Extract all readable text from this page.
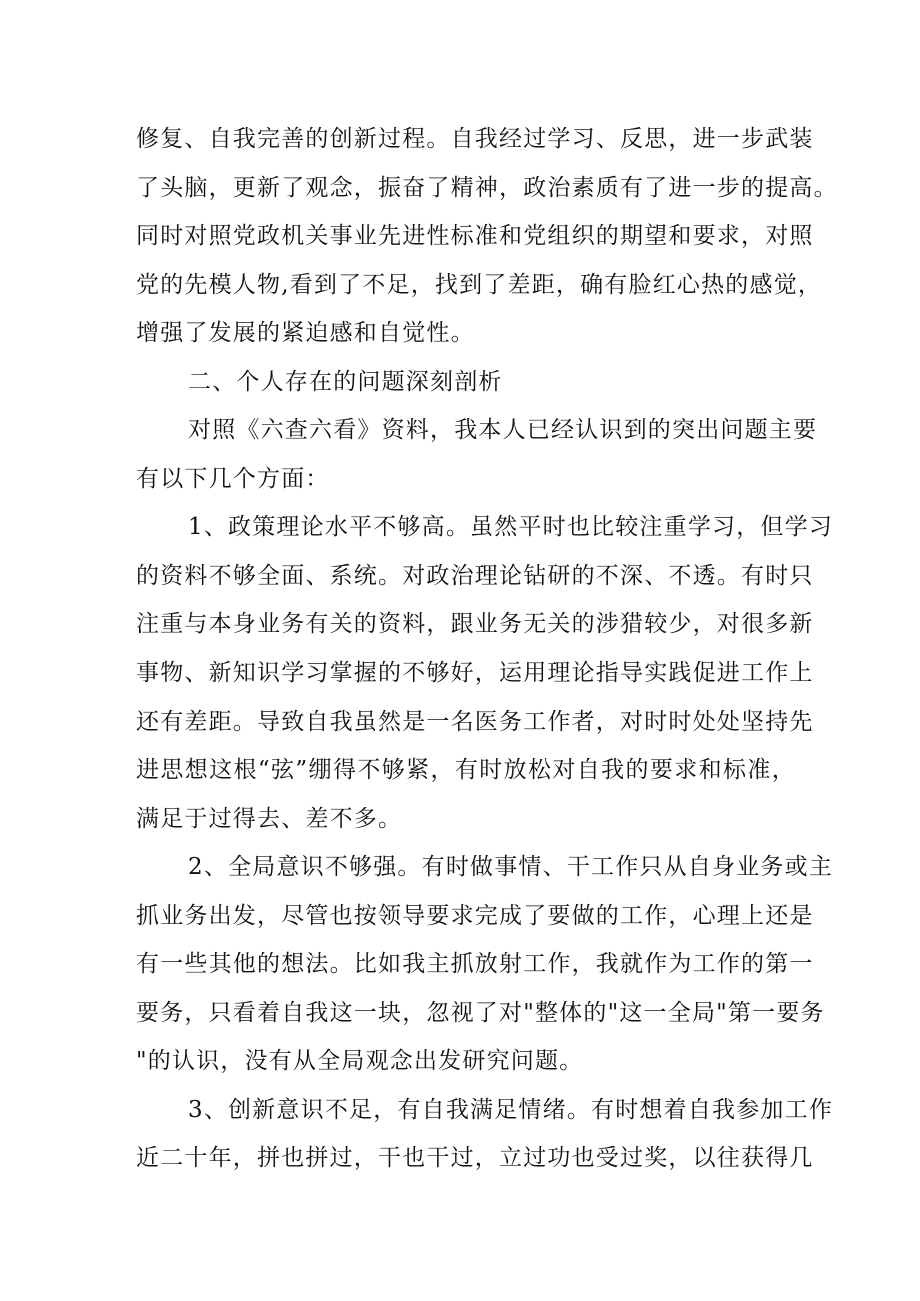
修复、自我完善的创新过程。自我经过学习、反思，进一步武装
了头脑，更新了观念，振奋了精神，政治素质有了进一步的提高。
同时对照党政机关事业先进性标准和党组织的期望和要求，对照
党的先模人物,看到了不足，找到了差距，确有脸红心热的感觉，
增强了发展的紧迫感和自觉性。
二、个人存在的问题深刻剖析
对照《六查六看》资料，我本人已经认识到的突出问题主要
有以下几个方面：
1、政策理论水平不够高。虽然平时也比较注重学习，但学习
的资料不够全面、系统。对政治理论钻研的不深、不透。有时只
注重与本身业务有关的资料，跟业务无关的涉猎较少，对很多新
事物、新知识学习掌握的不够好，运用理论指导实践促进工作上
还有差距。导致自我虽然是一名医务工作者，对时时处处坚持先
进思想这根“弦”绷得不够紧，有时放松对自我的要求和标准，
满足于过得去、差不多。
2、全局意识不够强。有时做事情、干工作只从自身业务或主
抓业务出发，尽管也按领导要求完成了要做的工作，心理上还是
有一些其他的想法。比如我主抓放射工作，我就作为工作的第一
要务，只看着自我这一块，忽视了对"整体的"这一全局"第一要务
"的认识，没有从全局观念出发研究问题。
3、创新意识不足，有自我满足情绪。有时想着自我参加工作
近二十年，拼也拼过，干也干过，立过功也受过奖，以往获得几
